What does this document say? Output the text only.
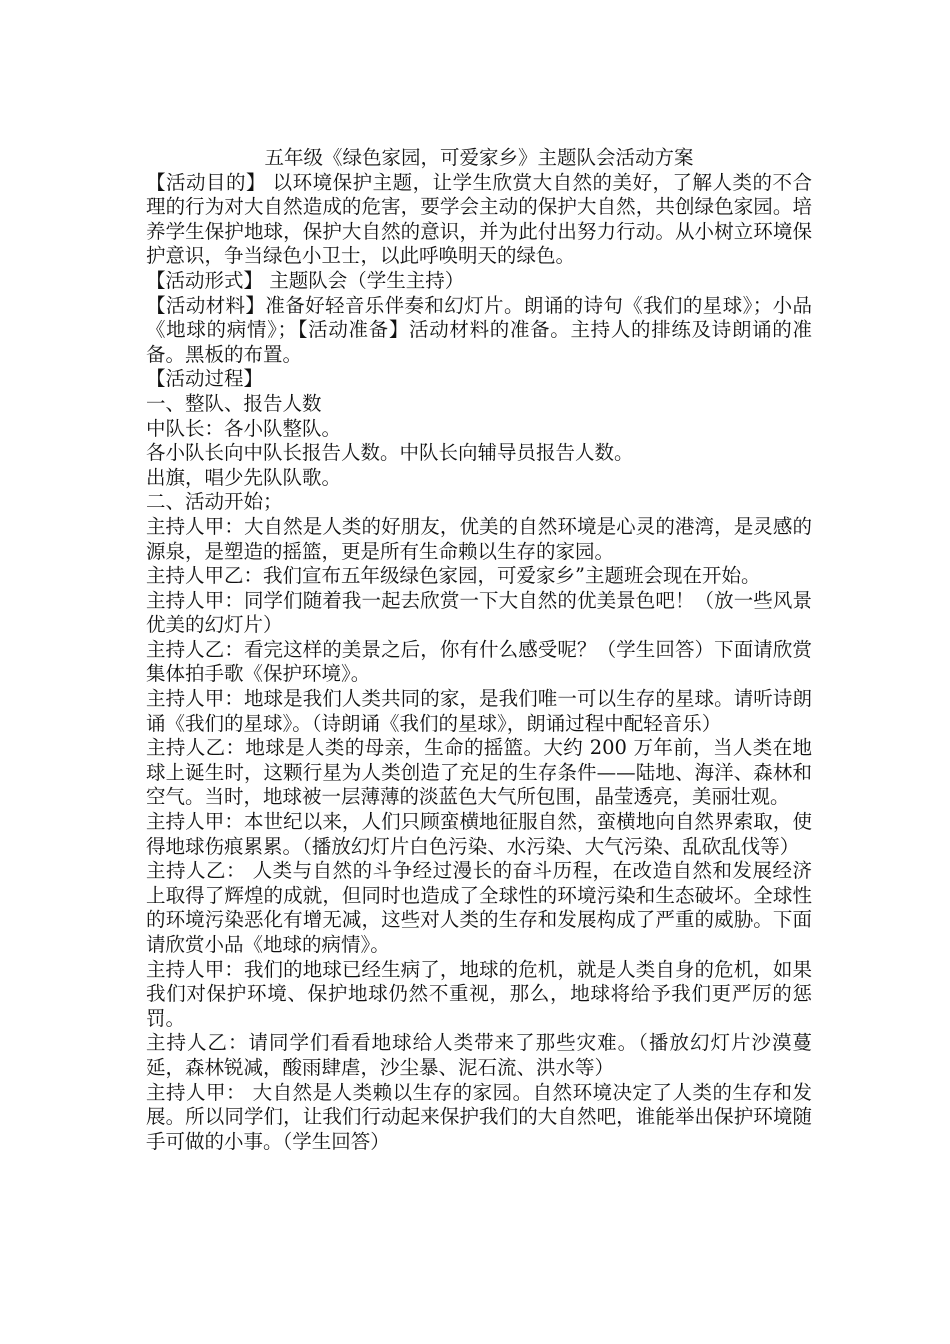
五年级《绿色家园，可爱家乡》主题队会活动方案

【活动目的】 以环境保护主题，让学生欣赏大自然的美好，了解人类的不合理的行为对大自然造成的危害，要学会主动的保护大自然，共创绿色家园。培养学生保护地球，保护大自然的意识，并为此付出努力行动。从小树立环境保护意识，争当绿色小卫士，以此呼唤明天的绿色。

【活动形式】 主题队会（学生主持）

【活动材料】准备好轻音乐伴奏和幻灯片。朗诵的诗句《我们的星球》；小品《地球的病情》；【活动准备】活动材料的准备。主持人的排练及诗朗诵的准备。黑板的布置。

【活动过程】

一、整队、报告人数

中队长：各小队整队。

各小队长向中队长报告人数。中队长向辅导员报告人数。

出旗，唱少先队队歌。

二、活动开始；

主持人甲：大自然是人类的好朋友，优美的自然环境是心灵的港湾，是灵感的源泉，是塑造的摇篮，更是所有生命赖以生存的家园。

主持人甲乙：我们宣布五年级绿色家园，可爱家乡”主题班会现在开始。

主持人甲：同学们随着我一起去欣赏一下大自然的优美景色吧！（放一些风景优美的幻灯片）

主持人乙：看完这样的美景之后，你有什么感受呢？（学生回答）下面请欣赏集体拍手歌《保护环境》。

主持人甲：地球是我们人类共同的家，是我们唯一可以生存的星球。请听诗朗诵《我们的星球》。（诗朗诵《我们的星球》，朗诵过程中配轻音乐）

主持人乙：地球是人类的母亲，生命的摇篮。大约 200 万年前，当人类在地球上诞生时，这颗行星为人类创造了充足的生存条件——陆地、海洋、森林和空气。当时，地球被一层薄薄的淡蓝色大气所包围，晶莹透亮，美丽壮观。

主持人甲：本世纪以来，人们只顾蛮横地征服自然，蛮横地向自然界索取，使得地球伤痕累累。（播放幻灯片白色污染、水污染、大气污染、乱砍乱伐等）

主持人乙： 人类与自然的斗争经过漫长的奋斗历程，在改造自然和发展经济上取得了辉煌的成就，但同时也造成了全球性的环境污染和生态破坏。全球性的环境污染恶化有增无减，这些对人类的生存和发展构成了严重的威胁。下面请欣赏小品《地球的病情》。

主持人甲：我们的地球已经生病了，地球的危机，就是人类自身的危机，如果我们对保护环境、保护地球仍然不重视，那么，地球将给予我们更严厉的惩罚。

主持人乙：请同学们看看地球给人类带来了那些灾难。（播放幻灯片沙漠蔓延，森林锐减，酸雨肆虐，沙尘暴、泥石流、洪水等）

主持人甲： 大自然是人类赖以生存的家园。自然环境决定了人类的生存和发展。所以同学们，让我们行动起来保护我们的大自然吧，谁能举出保护环境随手可做的小事。（学生回答）
